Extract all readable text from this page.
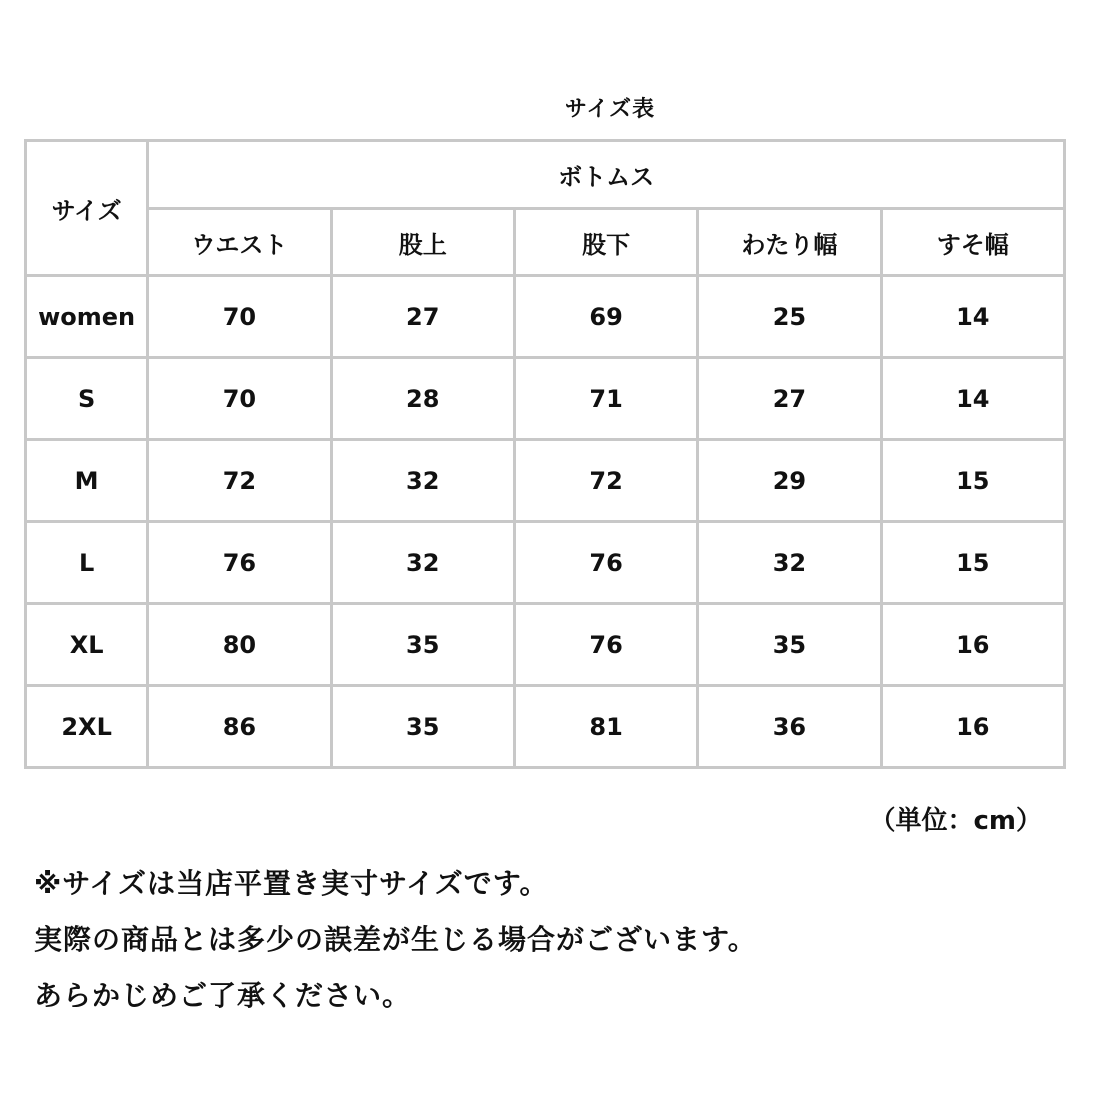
サイズ表
サイズ	ボトムス				
	ウエスト	股上	股下	わたり幅	すそ幅
women	70	27	69	25	14
S	70	28	71	27	14
M	72	32	72	29	15
L	76	32	76	32	15
XL	80	35	76	35	16
2XL	86	35	81	36	16
（単位：cm）
※サイズは当店平置き実寸サイズです。
実際の商品とは多少の誤差が生じる場合がございます。
あらかじめご了承ください。
